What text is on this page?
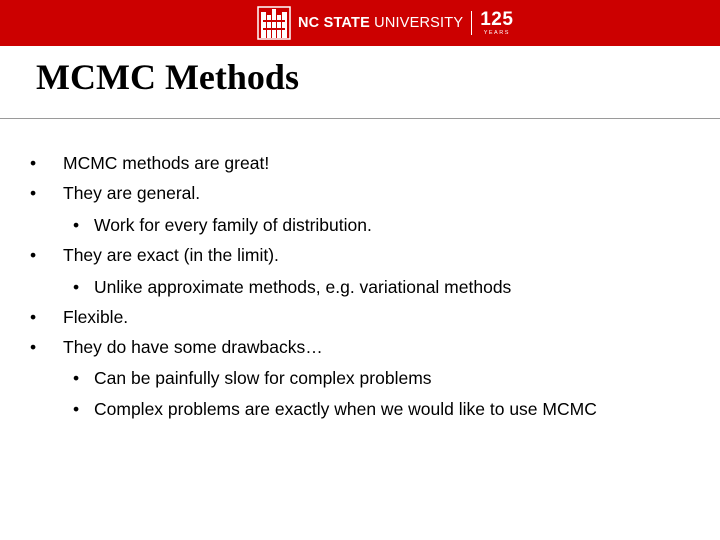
NC STATE UNIVERSITY 125
YEARS
MCMC Methods
• MCMC methods are great!
• They are general.
• Work for every family of distribution.
• They are exact (in the limit).
• Unlike approximate methods, e.g. variational methods
• Flexible.
• They do have some drawbacks…
• Can be painfully slow for complex problems
• Complex problems are exactly when we would like to use MCMC
